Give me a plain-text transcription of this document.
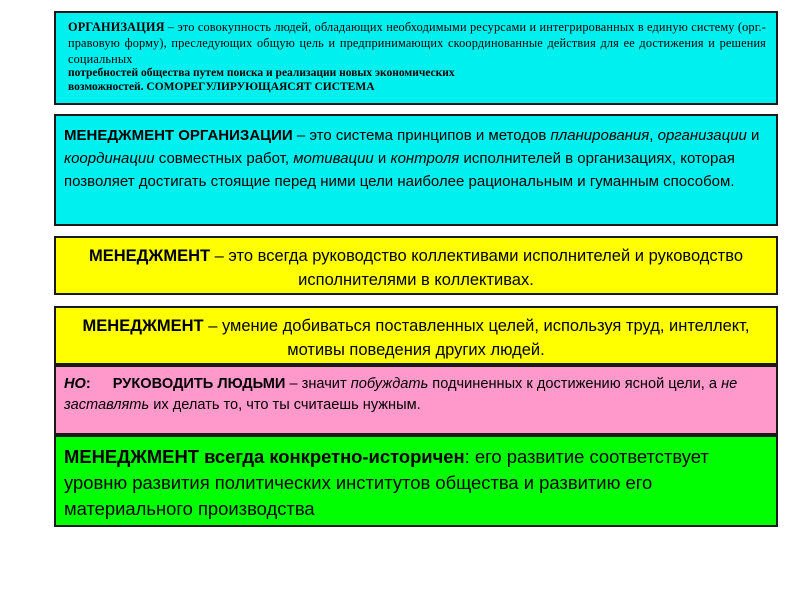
ОРГАНИЗАЦИЯ – это совокупность людей, обладающих необходимыми ресурсами и интегрированных в единую систему (орг.-правовую форму), преследующих общую цель и предпринимающих скоординованные действия для ее достижения и решения социальных
потребностей общества путем поиска и реализации новых экономических
возможностей. СОМОРЕГУЛИРУЮЩАЯСЯТ СИСТЕМА

МЕНЕДЖМЕНТ ОРГАНИЗАЦИИ – это система принципов и методов планирования, организации и координации совместных работ, мотивации и контроля исполнителей в организациях, которая позволяет достигать стоящие перед ними цели наиболее рациональным и гуманным способом.

МЕНЕДЖМЕНТ – это всегда руководство коллективами исполнителей и руководство исполнителями в коллективах.

МЕНЕДЖМЕНТ – умение добиваться поставленных целей, используя труд, интеллект, мотивы поведения других людей.

НО: РУКОВОДИТЬ ЛЮДЬМИ – значит побуждать подчиненных к достижению ясной цели, а не заставлять их делать то, что ты считаешь нужным.

МЕНЕДЖМЕНТ всегда конкретно-историчен: его развитие соответствует уровню развития политических институтов общества и развитию его материального производства
